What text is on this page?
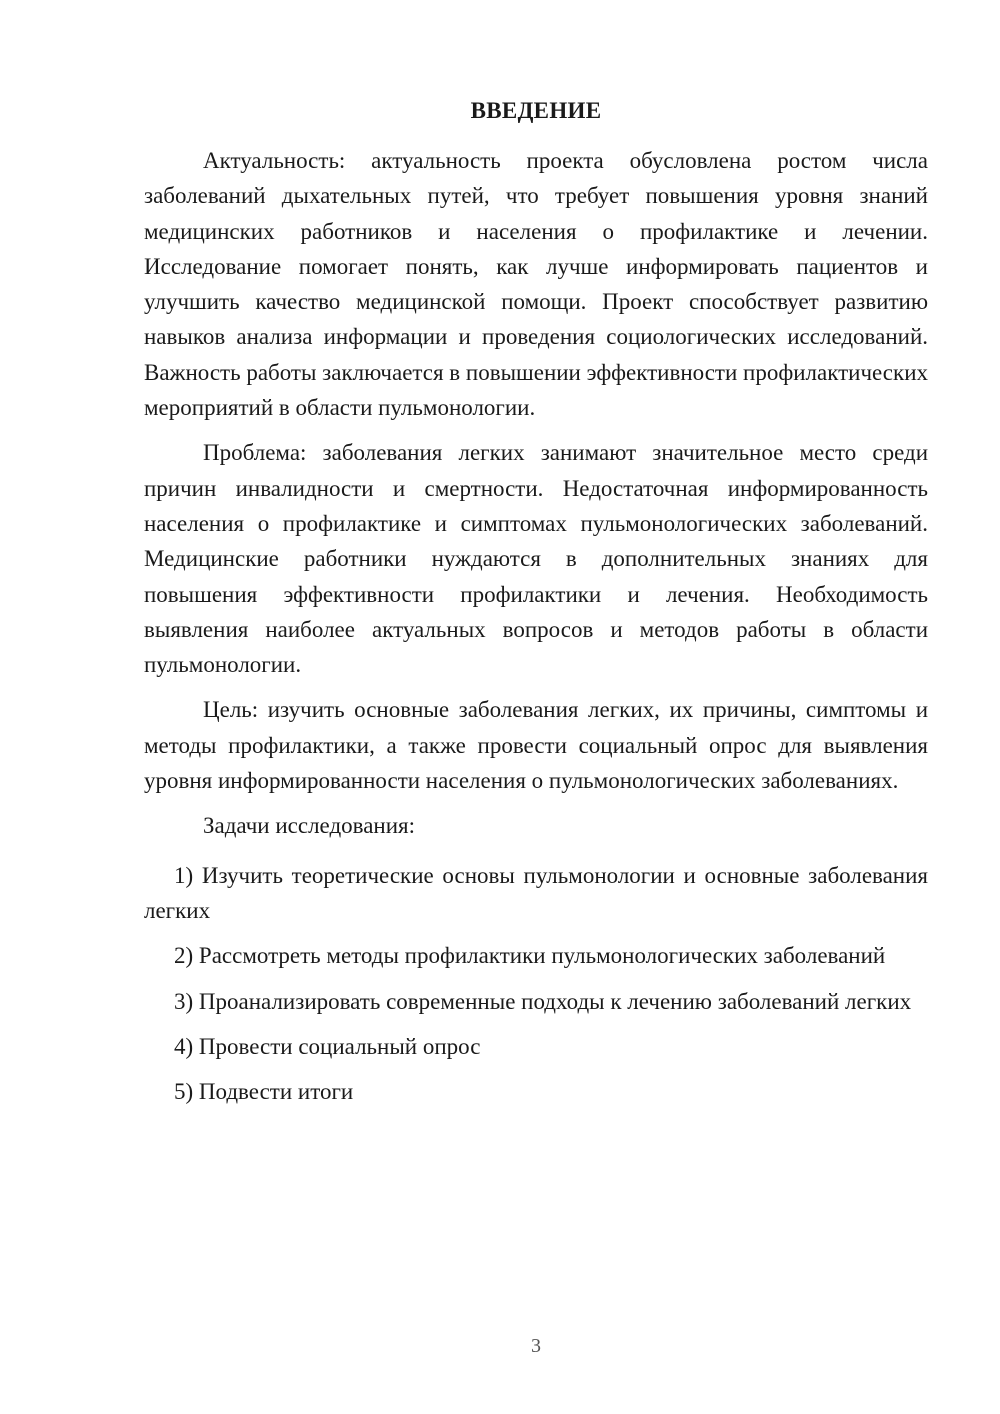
ВВЕДЕНИЕ

Актуальность: актуальность проекта обусловлена ростом числа заболеваний дыхательных путей, что требует повышения уровня знаний медицинских работников и населения о профилактике и лечении. Исследование помогает понять, как лучше информировать пациентов и улучшить качество медицинской помощи. Проект способствует развитию навыков анализа информации и проведения социологических исследований. Важность работы заключается в повышении эффективности профилактических мероприятий в области пульмонологии.

Проблема: заболевания легких занимают значительное место среди причин инвалидности и смертности. Недостаточная информированность населения о профилактике и симптомах пульмонологических заболеваний. Медицинские работники нуждаются в дополнительных знаниях для повышения эффективности профилактики и лечения. Необходимость выявления наиболее актуальных вопросов и методов работы в области пульмонологии.

Цель: изучить основные заболевания легких, их причины, симптомы и методы профилактики, а также провести социальный опрос для выявления уровня информированности населения о пульмонологических заболеваниях.

Задачи исследования:

1) Изучить теоретические основы пульмонологии и основные заболевания легких

2) Рассмотреть методы профилактики пульмонологических заболеваний

3) Проанализировать современные подходы к лечению заболеваний легких

4) Провести социальный опрос

5) Подвести итоги

3
